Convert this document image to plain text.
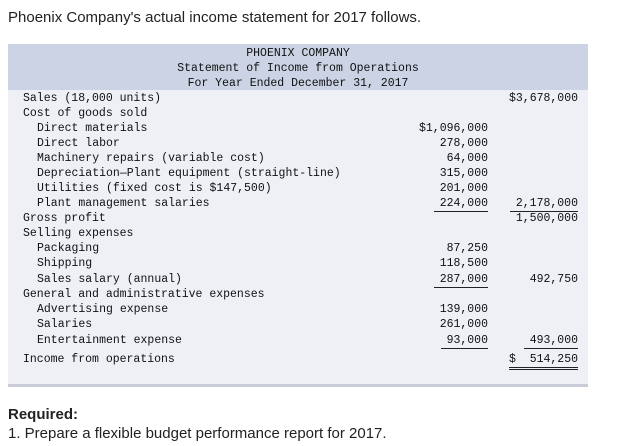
Phoenix Company's actual income statement for 2017 follows.
PHOENIX COMPANY
Statement of Income from Operations
For Year Ended December 31, 2017
Sales (18,000 units)	$3,678,000
Cost of goods sold
Direct materials	$1,096,000
Direct labor	278,000
Machinery repairs (variable cost)	64,000
Depreciation—Plant equipment (straight-line)	315,000
Utilities (fixed cost is $147,500)	201,000
Plant management salaries	224,000	2,178,000
Gross profit	1,500,000
Selling expenses
Packaging	87,250
Shipping	118,500
Sales salary (annual)	287,000	492,750
General and administrative expenses
Advertising expense	139,000
Salaries	261,000
Entertainment expense	93,000	493,000
Income from operations	$  514,250
Required:
1. Prepare a flexible budget performance report for 2017.
